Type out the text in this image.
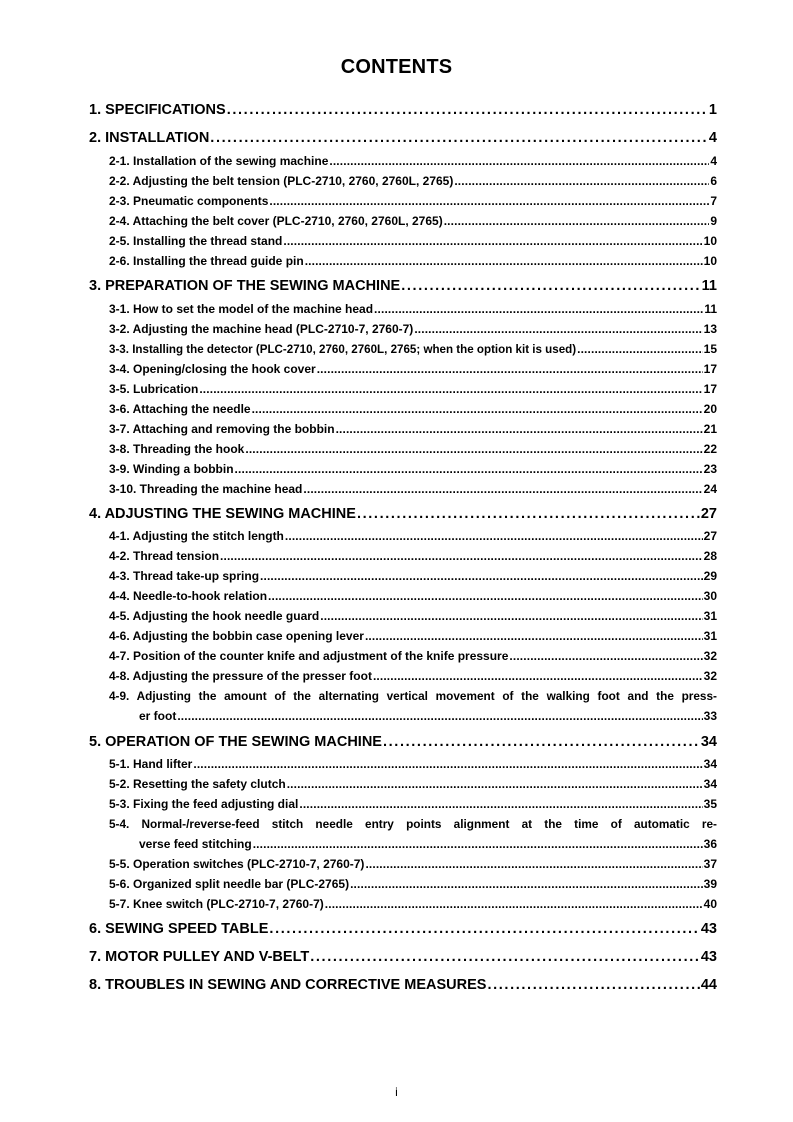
CONTENTS
1. SPECIFICATIONS . . .	1
2. INSTALLATION . . .	4
2-1. Installation of the sewing machine . . .	4
2-2. Adjusting the belt tension (PLC-2710, 2760, 2760L, 2765) . . .	6
2-3. Pneumatic components . . .	7
2-4. Attaching the belt cover (PLC-2710, 2760, 2760L, 2765) . . .	9
2-5. Installing the thread stand . . .	10
2-6. Installing the thread guide pin . . .	10
3. PREPARATION OF THE SEWING MACHINE . . .	11
3-1. How to set the model of the machine head . . .	11
3-2. Adjusting the machine head (PLC-2710-7, 2760-7) . . .	13
3-3. Installing the detector (PLC-2710, 2760, 2760L, 2765; when the option kit is used) . . .	15
3-4. Opening/closing the hook cover . . .	17
3-5. Lubrication . . .	17
3-6. Attaching the needle . . .	20
3-7. Attaching and removing the bobbin . . .	21
3-8. Threading the hook . . .	22
3-9. Winding a bobbin . . .	23
3-10. Threading the machine head . . .	24
4. ADJUSTING THE SEWING MACHINE . . .	27
4-1. Adjusting the stitch length . . .	27
4-2. Thread tension . . .	28
4-3. Thread take-up spring . . .	29
4-4. Needle-to-hook relation . . .	30
4-5. Adjusting the hook needle guard . . .	31
4-6. Adjusting the bobbin case opening lever . . .	31
4-7. Position of the counter knife and adjustment of the knife pressure . . .	32
4-8. Adjusting the pressure of the presser foot . . .	32
4-9. Adjusting the amount of the alternating vertical movement of the walking foot and the press-
er foot . . .	33
5. OPERATION OF THE SEWING MACHINE . . .	34
5-1. Hand lifter . . .	34
5-2. Resetting the safety clutch . . .	34
5-3. Fixing the feed adjusting dial . . .	35
5-4. Normal-/reverse-feed stitch needle entry points alignment at the time of automatic re-
verse feed stitching . . .	36
5-5. Operation switches (PLC-2710-7, 2760-7) . . .	37
5-6. Organized split needle bar (PLC-2765) . . .	39
5-7. Knee switch (PLC-2710-7, 2760-7) . . .	40
6. SEWING SPEED TABLE . . .	43
7. MOTOR PULLEY AND V-BELT . . .	43
8. TROUBLES IN SEWING AND CORRECTIVE MEASURES . . .	44
i
